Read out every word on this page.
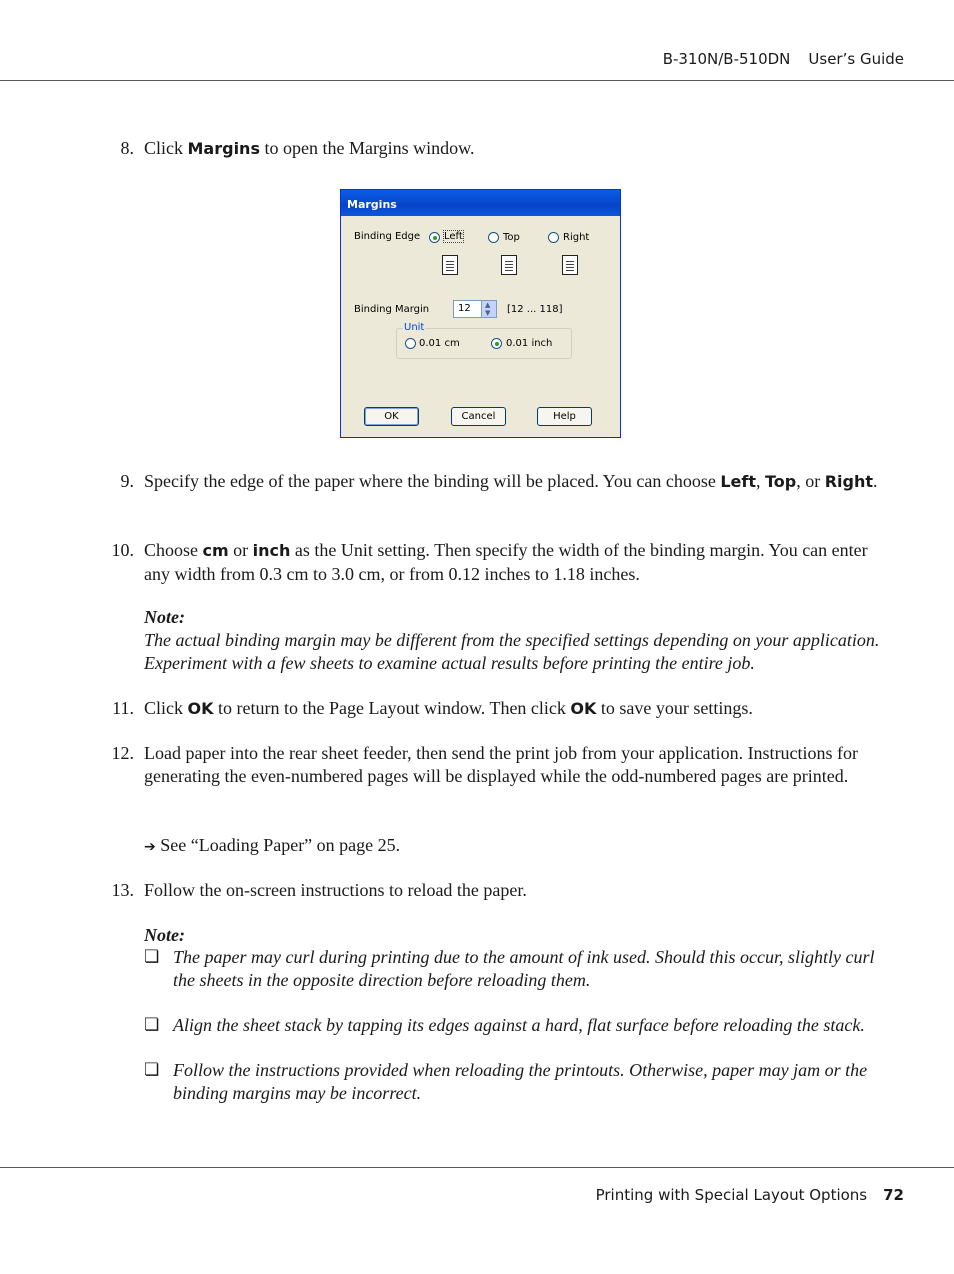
B-310N/B-510DN User’s Guide
8. Click Margins to open the Margins window.
Margins
Binding Edge Left	Top	Right
Binding Margin	12 ▲
▼ [12 ... 118]
Unit
0.01 cm	0.01 inch
OK	Cancel	Help
9. Specify the edge of the paper where the binding will be placed. You can choose Left, Top, or Right.
10. Choose cm or inch as the Unit setting. Then specify the width of the binding margin. You can enter any width from 0.3 cm to 3.0 cm, or from 0.12 inches to 1.18 inches.
Note:
The actual binding margin may be different from the specified settings depending on your application. Experiment with a few sheets to examine actual results before printing the entire job.
11. Click OK to return to the Page Layout window. Then click OK to save your settings.
12. Load paper into the rear sheet feeder, then send the print job from your application. Instructions for generating the even-numbered pages will be displayed while the odd-numbered pages are printed.
➔ See “Loading Paper” on page 25.
13. Follow the on-screen instructions to reload the paper.
Note:
❏ The paper may curl during printing due to the amount of ink used. Should this occur, slightly curl the sheets in the opposite direction before reloading them.
❏ Align the sheet stack by tapping its edges against a hard, flat surface before reloading the stack.
❏ Follow the instructions provided when reloading the printouts. Otherwise, paper may jam or the binding margins may be incorrect.
Printing with Special Layout Options 72
